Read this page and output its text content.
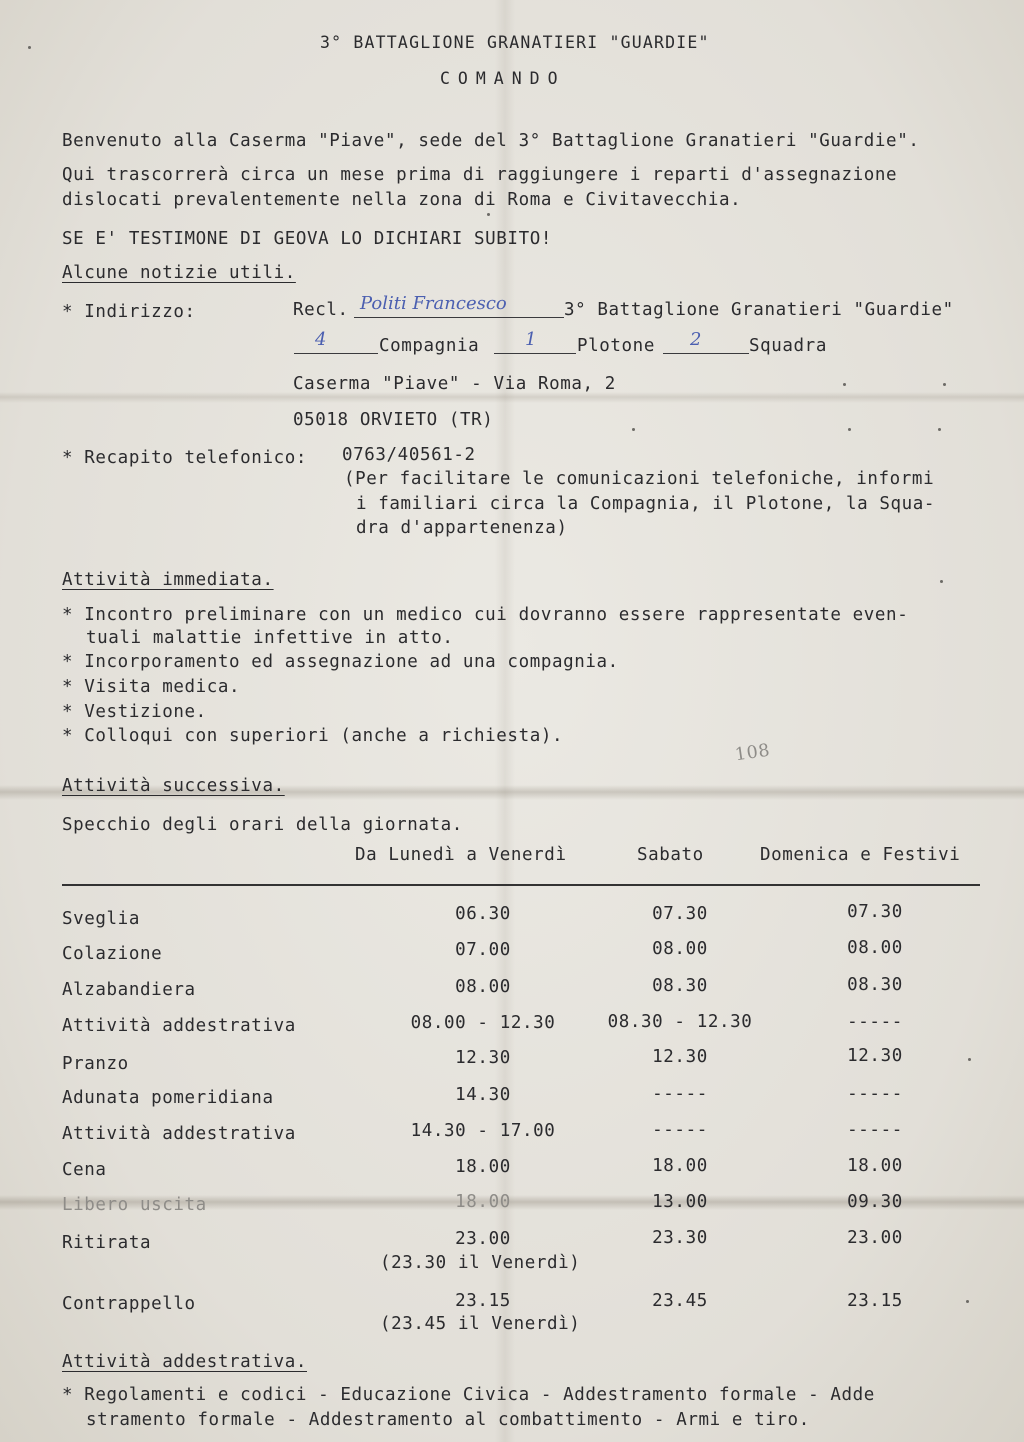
3° BATTAGLIONE GRANATIERI "GUARDIE"
COMANDO
Benvenuto alla Caserma "Piave", sede del 3° Battaglione Granatieri "Guardie".
Qui trascorrerà circa un mese prima di raggiungere i reparti d'assegnazione
dislocati prevalentemente nella zona di Roma e Civitavecchia.
SE E' TESTIMONE DI GEOVA LO DICHIARI SUBITO!
Alcune notizie utili.
* Indirizzo:	Recl. Politi Francesco	3° Battaglione Granatieri "Guardie"
4	Compagnia	1 Plotone 2	Squadra
Caserma "Piave" - Via Roma, 2
05018 ORVIETO (TR)
* Recapito telefonico: 0763/40561-2
(Per facilitare le comunicazioni telefoniche, informi
i familiari circa la Compagnia, il Plotone, la Squa-
dra d'appartenenza)
Attività immediata.
* Incontro preliminare con un medico cui dovranno essere rappresentate even-
tuali malattie infettive in atto.
* Incorporamento ed assegnazione ad una compagnia.
* Visita medica.
* Vestizione.
* Colloqui con superiori (anche a richiesta).
108
Attività successiva.
Specchio degli orari della giornata.
Da Lunedì a Venerdì	Sabato	Domenica e Festivi
Sveglia	06.30	07.30	07.30
Colazione	07.00	08.00	08.00
Alzabandiera	08.00	08.30	08.30
Attività addestrativa	08.00 - 12.30	08.30 - 12.30	-----
Pranzo	12.30	12.30	12.30
Adunata pomeridiana	14.30	-----	-----
Attività addestrativa	14.30 - 17.00	-----	-----
Cena	18.00	18.00	18.00
Libero uscita	18.00	13.00	09.30
Ritirata	23.00	23.30	23.00
(23.30 il Venerdì)
Contrappello	23.15	23.45	23.15
(23.45 il Venerdì)
Attività addestrativa.
* Regolamenti e codici - Educazione Civica - Addestramento formale - Adde
stramento formale - Addestramento al combattimento - Armi e tiro.
